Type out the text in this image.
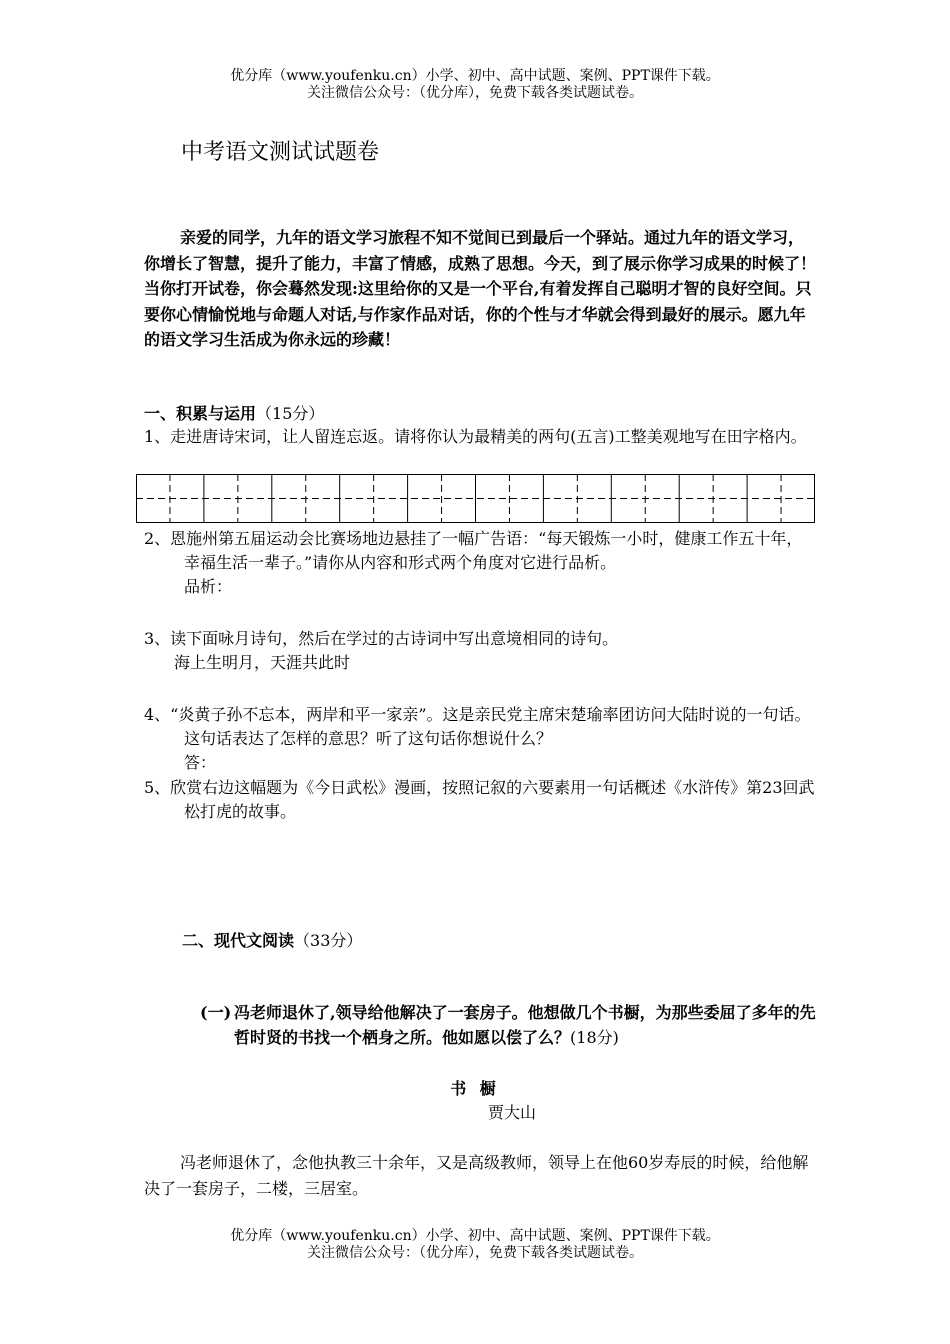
优分库（www.youfenku.cn）小学、初中、高中试题、案例、PPT课件下载。
关注微信公众号：（优分库），免费下载各类试题试卷。
中考语文测试试题卷
亲爱的同学，九年的语文学习旅程不知不觉间已到最后一个驿站。通过九年的语文学习，你增长了智慧，提升了能力，丰富了情感，成熟了思想。今天，到了展示你学习成果的时候了！当你打开试卷，你会蓦然发现:这里给你的又是一个平台,有着发挥自己聪明才智的良好空间。只要你心情愉悦地与命题人对话,与作家作品对话，你的个性与才华就会得到最好的展示。愿九年的语文学习生活成为你永远的珍藏！
一、积累与运用（15分）
1、走进唐诗宋词，让人留连忘返。请将你认为最精美的两句(五言)工整美观地写在田字格内。
2、恩施州第五届运动会比赛场地边悬挂了一幅广告语：“每天锻炼一小时，健康工作五十年，幸福生活一辈子。”请你从内容和形式两个角度对它进行品析。
品析：
3、读下面咏月诗句，然后在学过的古诗词中写出意境相同的诗句。
海上生明月，天涯共此时
4、“炎黄子孙不忘本，两岸和平一家亲”。这是亲民党主席宋楚瑜率团访问大陆时说的一句话。这句话表达了怎样的意思？听了这句话你想说什么？
答：
5、欣赏右边这幅题为《今日武松》漫画，按照记叙的六要素用一句话概述《水浒传》第23回武松打虎的故事。
二、现代文阅读（33分）
(一) 冯老师退休了,领导给他解决了一套房子。他想做几个书橱，为那些委屈了多年的先哲时贤的书找一个栖身之所。他如愿以偿了么？(18分)
书 橱
贾大山
冯老师退休了，念他执教三十余年，又是高级教师，领导上在他60岁寿辰的时候，给他解决了一套房子，二楼，三居室。
优分库（www.youfenku.cn）小学、初中、高中试题、案例、PPT课件下载。
关注微信公众号：（优分库），免费下载各类试题试卷。
